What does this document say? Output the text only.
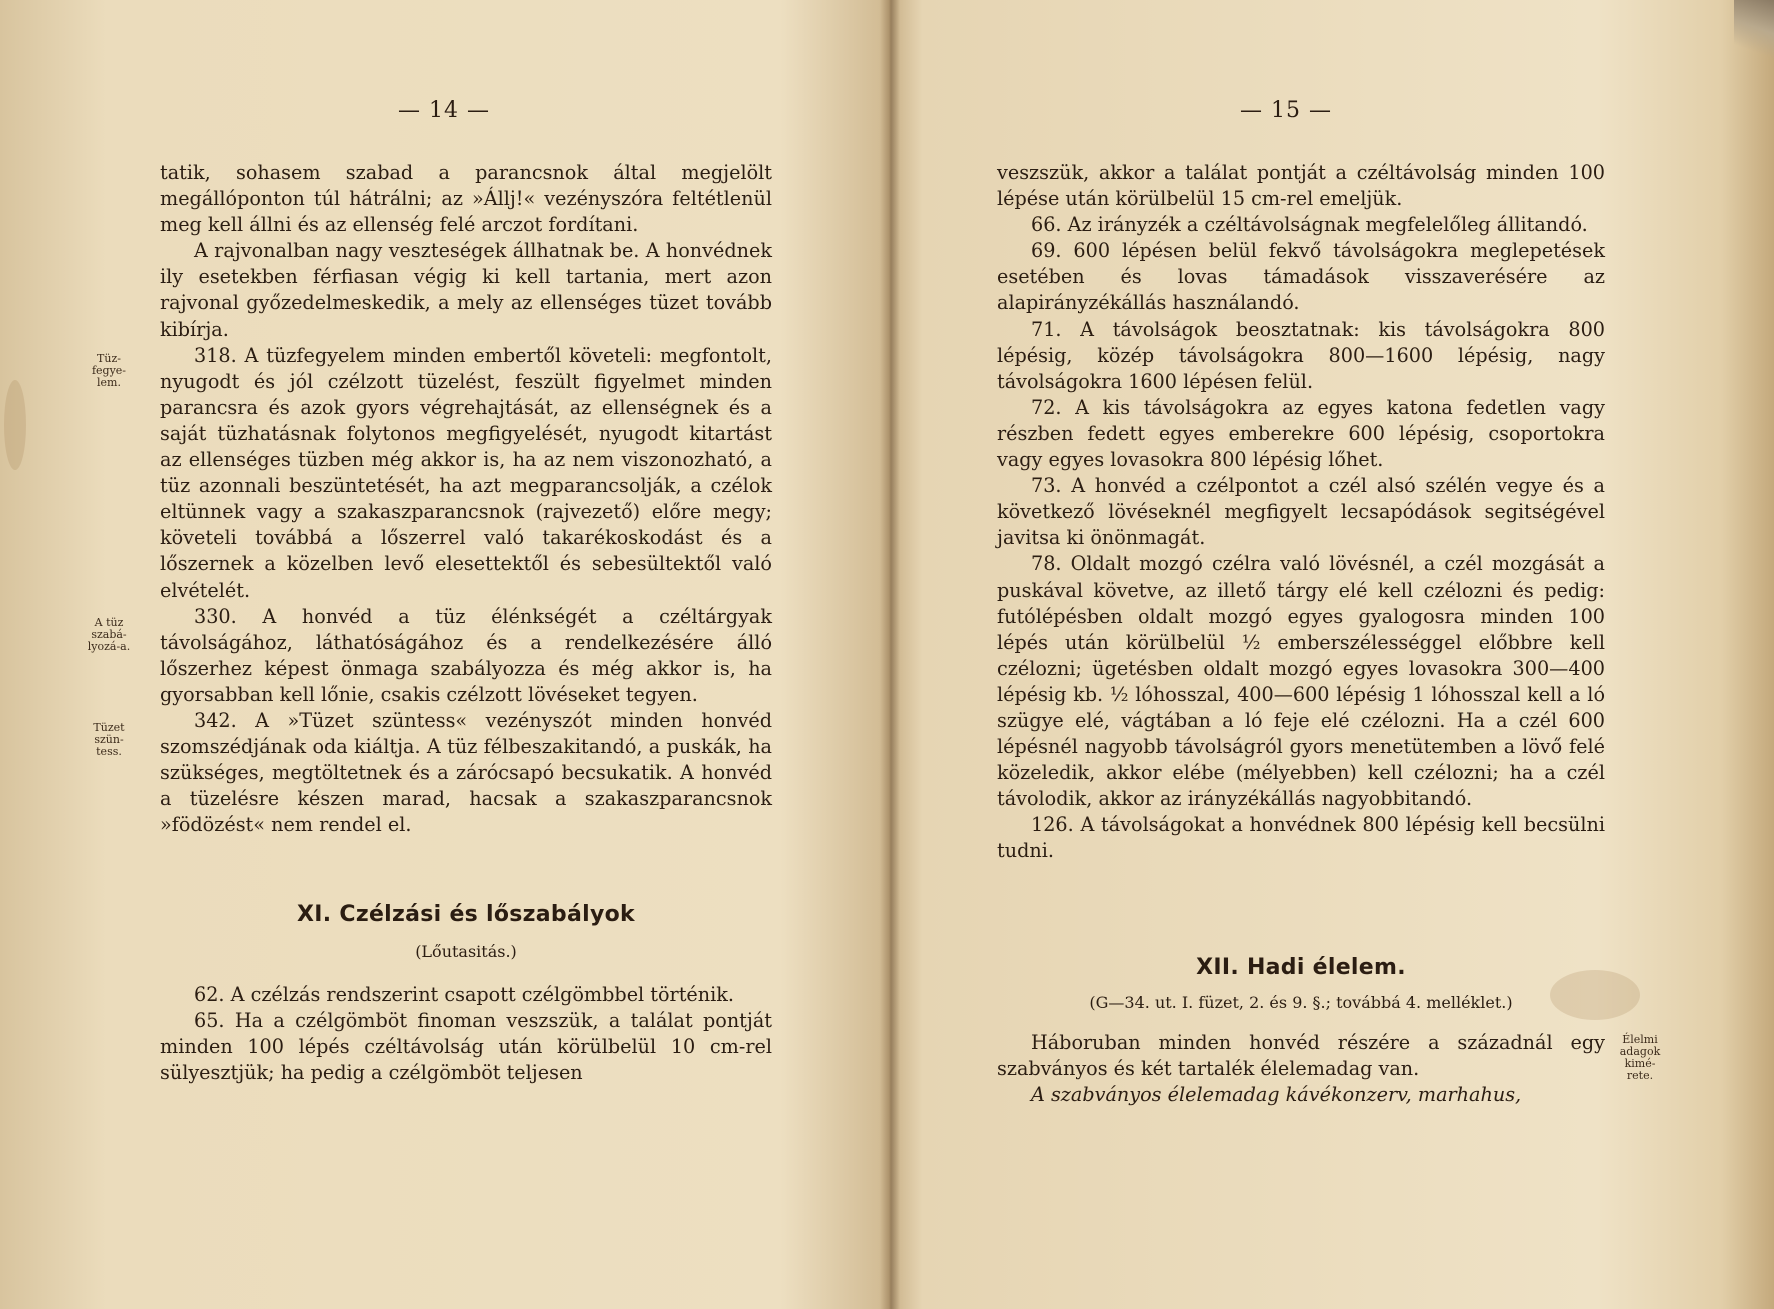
— 14 —
Tüz-
fegye-
lem.
A tüz
szabá-
lyozá-a.
Tüzet
szün-
tess.

tatik, sohasem szabad a parancsnok által megjelölt megállóponton túl hátrálni; az »Állj!« vezényszóra feltétlenül meg kell állni és az ellenség felé arczot fordítani.

A rajvonalban nagy veszteségek állhatnak be. A honvédnek ily esetekben férfiasan végig ki kell tartania, mert azon rajvonal győzedelmeskedik, a mely az ellenséges tüzet tovább kibírja.

318. A tüzfegyelem minden embertől követeli: megfontolt, nyugodt és jól czélzott tüzelést, feszült figyelmet minden parancsra és azok gyors végrehajtását, az ellenségnek és a saját tüzhatásnak folytonos megfigyelését, nyugodt kitartást az ellenséges tüzben még akkor is, ha az nem viszonozható, a tüz azonnali beszüntetését, ha azt megparancsolják, a czélok eltünnek vagy a szakaszparancsnok (rajvezető) előre megy; követeli továbbá a lőszerrel való takarékoskodást és a lőszernek a közelben levő elesettektől és sebesültektől való elvételét.

330. A honvéd a tüz élénkségét a czéltárgyak távolságához, láthatóságához és a rendelkezésére álló lőszerhez képest önmaga szabályozza és még akkor is, ha gyorsabban kell lőnie, csakis czélzott lövéseket tegyen.

342. A »Tüzet szüntess« vezényszót minden honvéd szomszédjának oda kiáltja. A tüz félbeszakitandó, a puskák, ha szükséges, megtöltetnek és a zárócsapó becsukatik. A honvéd a tüzelésre készen marad, hacsak a szakaszparancsnok »födözést« nem rendel el.

XI. Czélzási és lőszabályok
(Lőutasitás.)

62. A czélzás rendszerint csapott czélgömbbel történik.

65. Ha a czélgömböt finoman veszszük, a találat pontját minden 100 lépés czéltávolság után körülbelül 10 cm-rel sülyesztjük; ha pedig a czélgömböt teljesen

— 15 —

veszszük, akkor a találat pontját a czéltávolság minden 100 lépése után körülbelül 15 cm-rel emeljük.

66. Az irányzék a czéltávolságnak megfelelőleg állitandó.

69. 600 lépésen belül fekvő távolságokra meglepetések esetében és lovas támadások visszaverésére az alapirányzékállás használandó.

71. A távolságok beosztatnak: kis távolságokra 800 lépésig, közép távolságokra 800—1600 lépésig, nagy távolságokra 1600 lépésen felül.

72. A kis távolságokra az egyes katona fedetlen vagy részben fedett egyes emberekre 600 lépésig, csoportokra vagy egyes lovasokra 800 lépésig lőhet.

73. A honvéd a czélpontot a czél alsó szélén vegye és a következő lövéseknél megfigyelt lecsapódások segitségével javitsa ki önönmagát.

78. Oldalt mozgó czélra való lövésnél, a czél mozgását a puskával követve, az illető tárgy elé kell czélozni és pedig: futólépésben oldalt mozgó egyes gyalogosra minden 100 lépés után körülbelül ½ emberszélességgel előbbre kell czélozni; ügetésben oldalt mozgó egyes lovasokra 300—400 lépésig kb. ½ lóhosszal, 400—600 lépésig 1 lóhosszal kell a ló szügye elé, vágtában a ló feje elé czélozni. Ha a czél 600 lépésnél nagyobb távolságról gyors menetütemben a lövő felé közeledik, akkor elébe (mélyebben) kell czélozni; ha a czél távolodik, akkor az irányzékállás nagyobbitandó.

126. A távolságokat a honvédnek 800 lépésig kell becsülni tudni.

XII. Hadi élelem.
(G—34. ut. I. füzet, 2. és 9. §.; továbbá 4. melléklet.)
Élelmi
adagok
kimé-
rete.

Háboruban minden honvéd részére a századnál egy szabványos és két tartalék élelemadag van.

A szabványos élelemadag kávékonzerv, marhahus,
